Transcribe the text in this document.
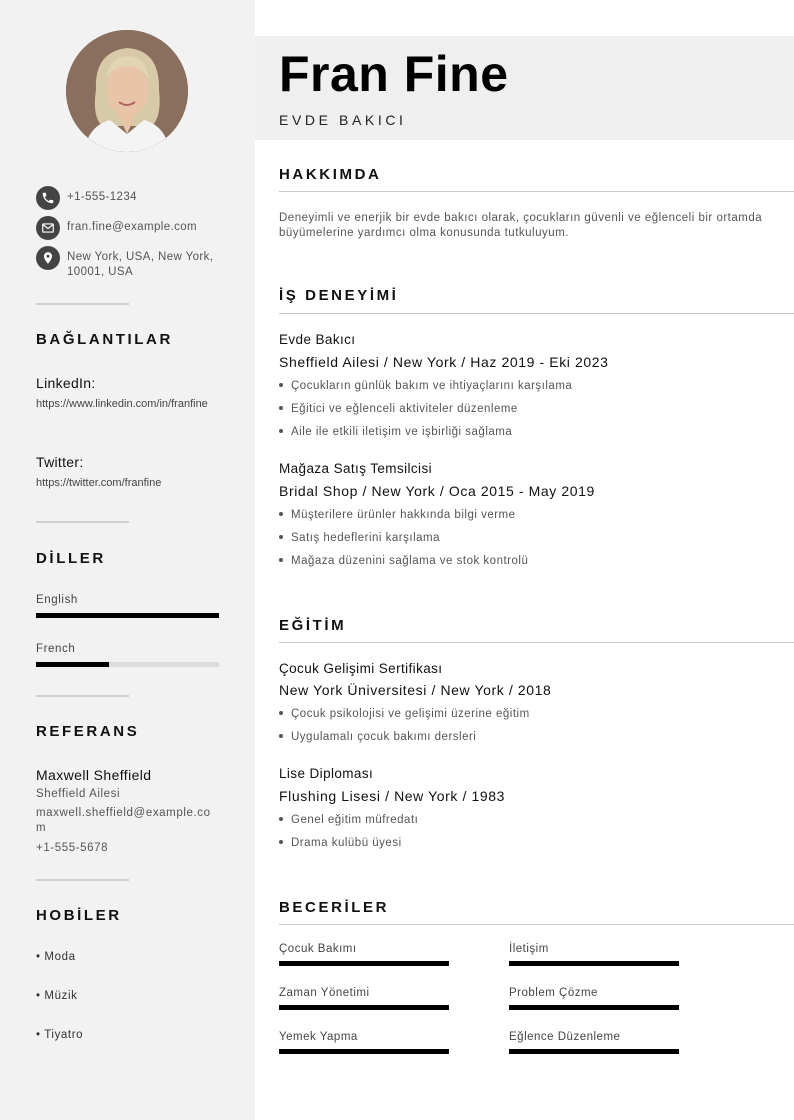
+1-555-1234
fran.fine@example.com
New York, USA, New York, 10001, USA
BAĞLANTILAR
LinkedIn:
https://www.linkedin.com/in/franfine
Twitter:
https://twitter.com/franfine
DİLLER
English
French
REFERANS
Maxwell Sheffield
Sheffield Ailesi
maxwell.sheffield@example.com
+1-555-5678
HOBİLER
• Moda
• Müzik
• Tiyatro
Fran Fine
EVDE BAKICI
HAKKIMDA
Deneyimli ve enerjik bir evde bakıcı olarak, çocukların güvenli ve eğlenceli bir ortamda büyümelerine yardımcı olma konusunda tutkuluyum.
İŞ DENEYİMİ
Evde Bakıcı
Sheffield Ailesi / New York / Haz 2019 - Eki 2023
Çocukların günlük bakım ve ihtiyaçlarını karşılama
Eğitici ve eğlenceli aktiviteler düzenleme
Aile ile etkili iletişim ve işbirliği sağlama
Mağaza Satış Temsilcisi
Bridal Shop / New York / Oca 2015 - May 2019
Müşterilere ürünler hakkında bilgi verme
Satış hedeflerini karşılama
Mağaza düzenini sağlama ve stok kontrolü
EĞİTİM
Çocuk Gelişimi Sertifikası
New York Üniversitesi / New York / 2018
Çocuk psikolojisi ve gelişimi üzerine eğitim
Uygulamalı çocuk bakımı dersleri
Lise Diploması
Flushing Lisesi / New York / 1983
Genel eğitim müfredatı
Drama kulübü üyesi
BECERİLER
Çocuk Bakımı	İletişim
Zaman Yönetimi	Problem Çözme
Yemek Yapma	Eğlence Düzenleme
